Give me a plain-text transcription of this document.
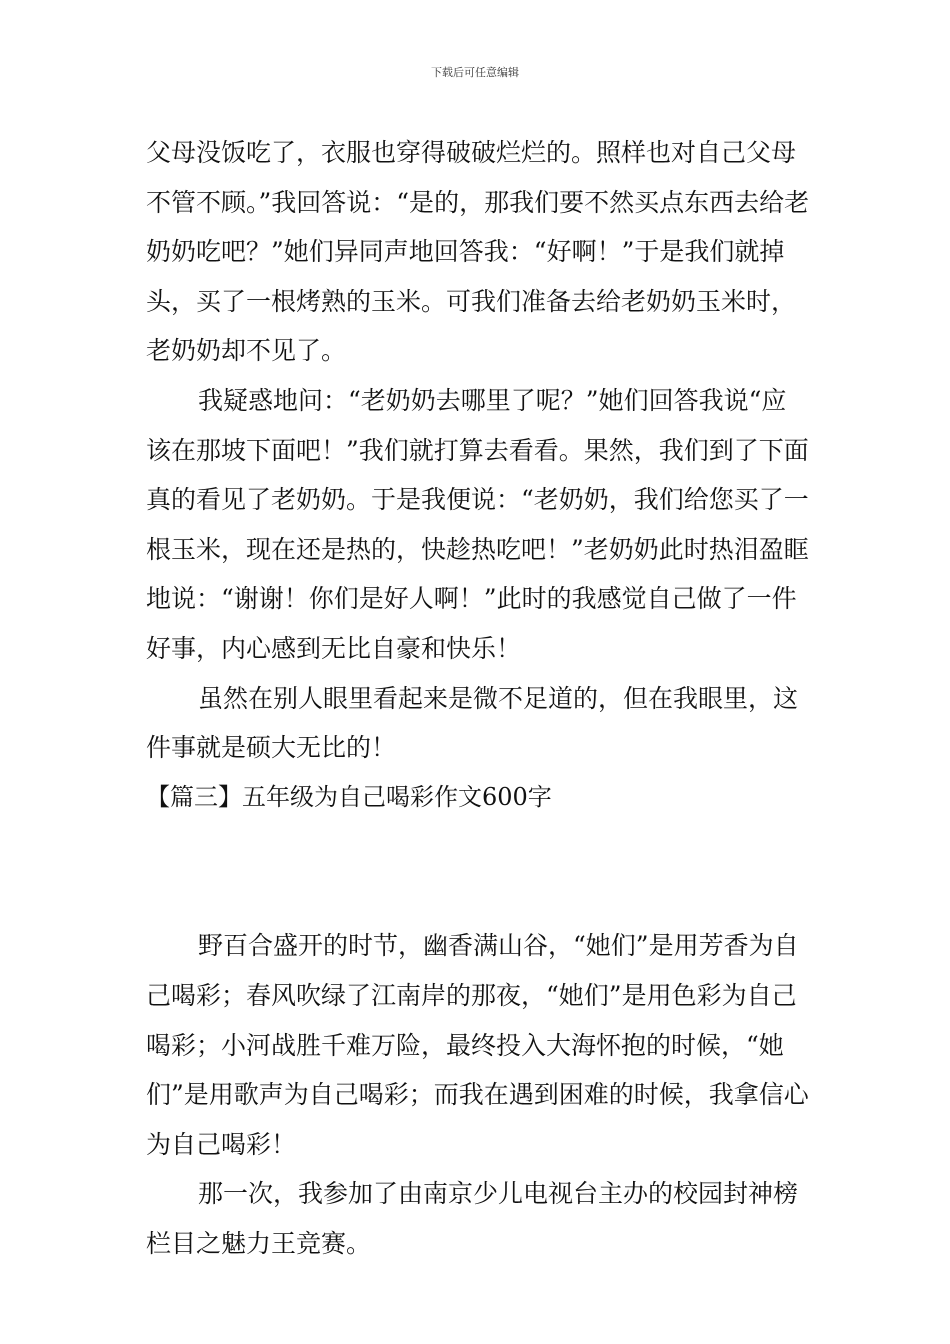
下载后可任意编辑

父母没饭吃了，衣服也穿得破破烂烂的。照样也对自己父母不管不顾。”我回答说：“是的，那我们要不然买点东西去给老奶奶吃吧？”她们异同声地回答我：“好啊！”于是我们就掉头，买了一根烤熟的玉米。可我们准备去给老奶奶玉米时，老奶奶却不见了。

我疑惑地问：“老奶奶去哪里了呢？”她们回答我说“应该在那坡下面吧！”我们就打算去看看。果然，我们到了下面真的看见了老奶奶。于是我便说：“老奶奶，我们给您买了一根玉米，现在还是热的，快趁热吃吧！”老奶奶此时热泪盈眶地说：“谢谢！你们是好人啊！”此时的我感觉自己做了一件好事，内心感到无比自豪和快乐！

虽然在别人眼里看起来是微不足道的，但在我眼里，这件事就是硕大无比的！

【篇三】五年级为自己喝彩作文600字

野百合盛开的时节，幽香满山谷，“她们”是用芳香为自己喝彩；春风吹绿了江南岸的那夜，“她们”是用色彩为自己喝彩；小河战胜千难万险，最终投入大海怀抱的时候，“她们”是用歌声为自己喝彩；而我在遇到困难的时候，我拿信心为自己喝彩！

那一次，我参加了由南京少儿电视台主办的校园封神榜栏目之魅力王竞赛。
